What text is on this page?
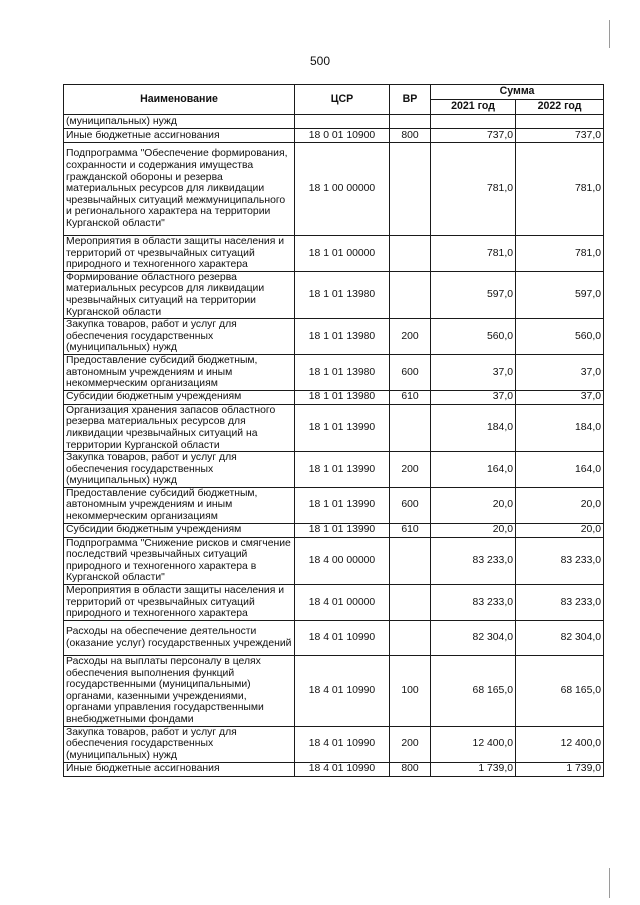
500
Наименование	ЦСР	ВР	Сумма	
			2021 год	2022 год
(муниципальных) нужд				
Иные бюджетные ассигнования	18 0 01 10900	800	737,0	737,0
Подпрограмма "Обеспечение формирования, сохранности и содержания имущества гражданской обороны и резерва материальных ресурсов для ликвидации чрезвычайных ситуаций межмуниципального и регионального характера на территории Курганской области"	18 1 00 00000		781,0	781,0
Мероприятия в области защиты населения и территорий от чрезвычайных ситуаций природного и техногенного характера	18 1 01 00000		781,0	781,0
Формирование областного резерва материальных ресурсов для ликвидации чрезвычайных ситуаций на территории Курганской области	18 1 01 13980		597,0	597,0
Закупка товаров, работ и услуг для обеспечения государственных (муниципальных) нужд	18 1 01 13980	200	560,0	560,0
Предоставление субсидий бюджетным, автономным учреждениям и иным некоммерческим организациям	18 1 01 13980	600	37,0	37,0
Субсидии бюджетным учреждениям	18 1 01 13980	610	37,0	37,0
Организация хранения запасов областного резерва материальных ресурсов для ликвидации чрезвычайных ситуаций на территории Курганской области	18 1 01 13990		184,0	184,0
Закупка товаров, работ и услуг для обеспечения государственных (муниципальных) нужд	18 1 01 13990	200	164,0	164,0
Предоставление субсидий бюджетным, автономным учреждениям и иным некоммерческим организациям	18 1 01 13990	600	20,0	20,0
Субсидии бюджетным учреждениям	18 1 01 13990	610	20,0	20,0
Подпрограмма "Снижение рисков и смягчение последствий чрезвычайных ситуаций природного и техногенного характера в Курганской области"	18 4 00 00000		83 233,0	83 233,0
Мероприятия в области защиты населения и территорий от чрезвычайных ситуаций природного и техногенного характера	18 4 01 00000		83 233,0	83 233,0
Расходы на обеспечение деятельности (оказание услуг) государственных учреждений	18 4 01 10990		82 304,0	82 304,0
Расходы на выплаты персоналу в целях обеспечения выполнения функций государственными (муниципальными) органами, казенными учреждениями, органами управления государственными внебюджетными фондами	18 4 01 10990	100	68 165,0	68 165,0
Закупка товаров, работ и услуг для обеспечения государственных (муниципальных) нужд	18 4 01 10990	200	12 400,0	12 400,0
Иные бюджетные ассигнования	18 4 01 10990	800	1 739,0	1 739,0
